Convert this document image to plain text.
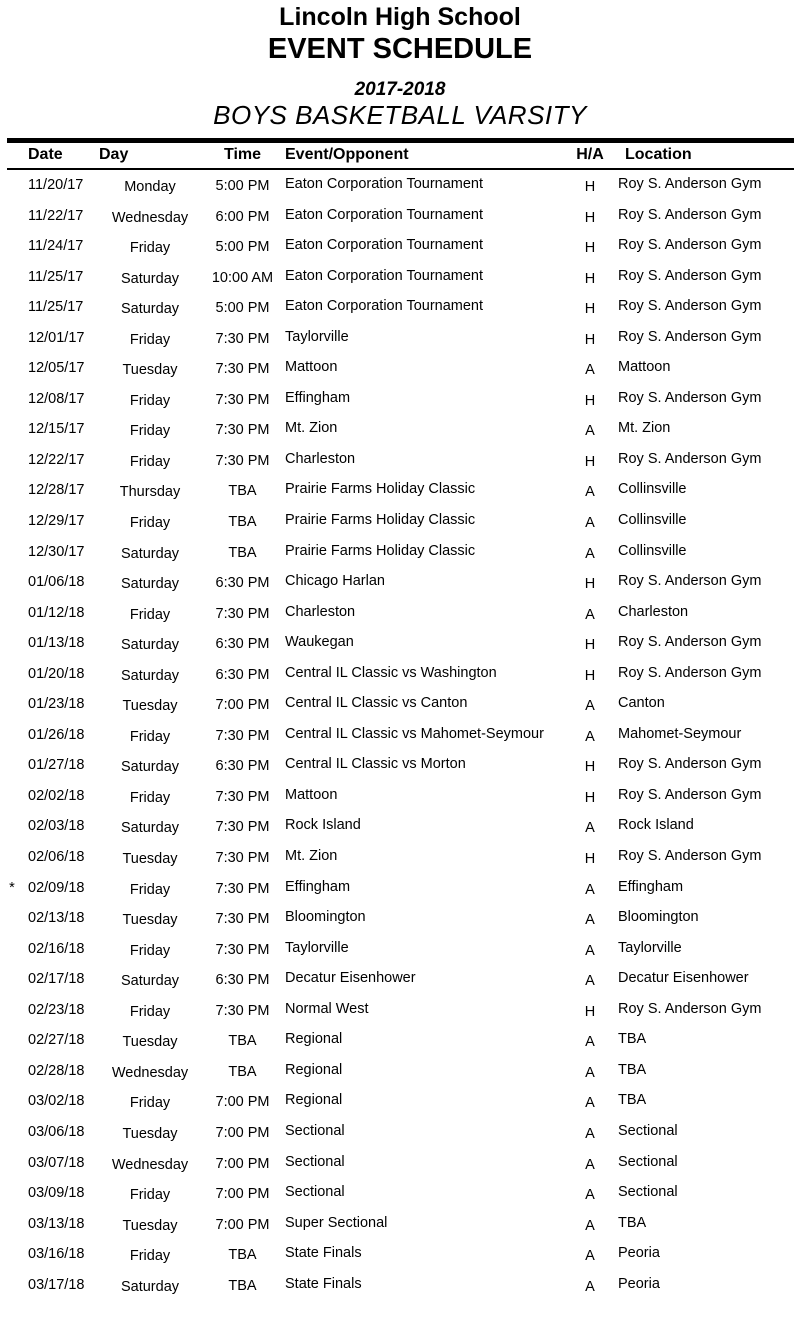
Lincoln High School
EVENT SCHEDULE
2017-2018
BOYS BASKETBALL VARSITY
Date	Day	Time	Event/Opponent	H/A	Location
11/20/17	Monday	5:00 PM	Eaton Corporation Tournament	H	Roy S. Anderson Gym
11/22/17	Wednesday	6:00 PM	Eaton Corporation Tournament	H	Roy S. Anderson Gym
11/24/17	Friday	5:00 PM	Eaton Corporation Tournament	H	Roy S. Anderson Gym
11/25/17	Saturday	10:00 AM Eaton Corporation Tournament	H	Roy S. Anderson Gym
11/25/17	Saturday	5:00 PM	Eaton Corporation Tournament	H	Roy S. Anderson Gym
12/01/17	Friday	7:30 PM	Taylorville	H	Roy S. Anderson Gym
12/05/17	Tuesday	7:30 PM	Mattoon	A	Mattoon
12/08/17	Friday	7:30 PM	Effingham	H	Roy S. Anderson Gym
12/15/17	Friday	7:30 PM	Mt. Zion	A	Mt. Zion
12/22/17	Friday	7:30 PM	Charleston	H	Roy S. Anderson Gym
12/28/17	Thursday	TBA	Prairie Farms Holiday Classic	A	Collinsville
12/29/17	Friday	TBA	Prairie Farms Holiday Classic	A	Collinsville
12/30/17	Saturday	TBA	Prairie Farms Holiday Classic	A	Collinsville
01/06/18	Saturday	6:30 PM	Chicago Harlan	H	Roy S. Anderson Gym
01/12/18	Friday	7:30 PM	Charleston	A	Charleston
01/13/18	Saturday	6:30 PM	Waukegan	H	Roy S. Anderson Gym
01/20/18	Saturday	6:30 PM	Central IL Classic vs Washington	H	Roy S. Anderson Gym
01/23/18	Tuesday	7:00 PM	Central IL Classic vs Canton	A	Canton
01/26/18	Friday	7:30 PM	Central IL Classic vs Mahomet-Seymour	A	Mahomet-Seymour
01/27/18	Saturday	6:30 PM	Central IL Classic vs Morton	H	Roy S. Anderson Gym
02/02/18	Friday	7:30 PM	Mattoon	H	Roy S. Anderson Gym
02/03/18	Saturday	7:30 PM	Rock Island	A	Rock Island
02/06/18	Tuesday	7:30 PM	Mt. Zion	H	Roy S. Anderson Gym
* 02/09/18	Friday	7:30 PM	Effingham	A	Effingham
02/13/18	Tuesday	7:30 PM	Bloomington	A	Bloomington
02/16/18	Friday	7:30 PM	Taylorville	A	Taylorville
02/17/18	Saturday	6:30 PM	Decatur Eisenhower	A	Decatur Eisenhower
02/23/18	Friday	7:30 PM	Normal West	H	Roy S. Anderson Gym
02/27/18	Tuesday	TBA	Regional	A	TBA
02/28/18	Wednesday	TBA	Regional	A	TBA
03/02/18	Friday	7:00 PM	Regional	A	TBA
03/06/18	Tuesday	7:00 PM	Sectional	A	Sectional
03/07/18	Wednesday	7:00 PM	Sectional	A	Sectional
03/09/18	Friday	7:00 PM	Sectional	A	Sectional
03/13/18	Tuesday	7:00 PM	Super Sectional	A	TBA
03/16/18	Friday	TBA	State Finals	A	Peoria
03/17/18	Saturday	TBA	State Finals	A	Peoria
